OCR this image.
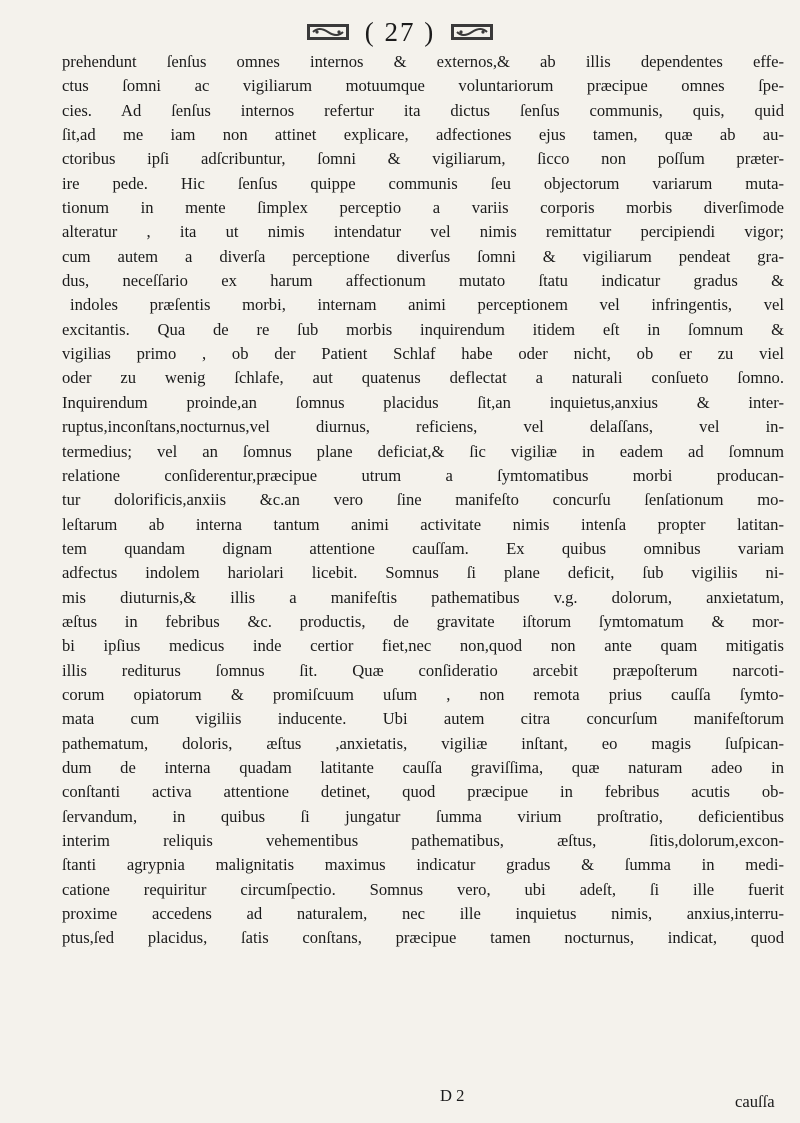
( 27 )
prehendunt ſenſus omnes internos & externos,& ab illis dependentes effe-
ctus ſomni ac vigiliarum motuumque voluntariorum præcipue omnes ſpe-
cies. Ad ſenſus internos refertur ita dictus ſenſus communis, quis, quid
ſit,ad me iam non attinet explicare, adfectiones ejus tamen, quæ ab au-
ctoribus ipſi adſcribuntur, ſomni & vigiliarum, ſicco non poſſum præter-
ire pede. Hic ſenſus quippe communis ſeu objectorum variarum muta-
tionum in mente ſimplex perceptio a variis corporis morbis diverſimode
alteratur , ita ut nimis intendatur vel nimis remittatur percipiendi vigor;
cum autem a diverſa perceptione diverſus ſomni & vigiliarum pendeat gra-
dus, neceſſario ex harum affectionum mutato ſtatu indicatur gradus &
indoles præſentis morbi, internam animi perceptionem vel infringentis, vel
excitantis. Qua de re ſub morbis inquirendum itidem eſt in ſomnum &
vigilias primo , ob der Patient Schlaf habe oder nicht, ob er zu viel
oder zu wenig ſchlafe, aut quatenus deflectat a naturali conſueto ſomno.
Inquirendum proinde,an ſomnus placidus ſit,an inquietus,anxius & inter-
ruptus,inconſtans,nocturnus,vel diurnus, reficiens, vel delaſſans, vel in-
termedius; vel an ſomnus plane deficiat,& ſic vigiliæ in eadem ad ſomnum
relatione conſiderentur,præcipue utrum a ſymtomatibus morbi producan-
tur dolorificis,anxiis &c.an vero ſine manifeſto concurſu ſenſationum mo-
leſtarum ab interna tantum animi activitate nimis intenſa propter latitan-
tem quandam dignam attentione cauſſam. Ex quibus omnibus variam
adfectus indolem hariolari licebit. Somnus ſi plane deficit, ſub vigiliis ni-
mis diuturnis,& illis a manifeſtis pathematibus v.g. dolorum, anxietatum,
æſtus in febribus &c. productis, de gravitate iſtorum ſymtomatum & mor-
bi ipſius medicus inde certior fiet,nec non,quod non ante quam mitigatis
illis rediturus ſomnus ſit. Quæ conſideratio arcebit præpoſterum narcoti-
corum opiatorum & promiſcuum uſum , non remota prius cauſſa ſymto-
mata cum vigiliis inducente. Ubi autem citra concurſum manifeſtorum
pathematum, doloris, æſtus ,anxietatis, vigiliæ inſtant, eo magis ſuſpican-
dum de interna quadam latitante cauſſa graviſſima, quæ naturam adeo in
conſtanti activa attentione detinet, quod præcipue in febribus acutis ob-
ſervandum, in quibus ſi jungatur ſumma virium proſtratio, deficientibus
interim reliquis vehementibus pathematibus, æſtus, ſitis,dolorum,excon-
ſtanti agrypnia malignitatis maximus indicatur gradus & ſumma in medi-
catione requiritur circumſpectio. Somnus vero, ubi adeſt, ſi ille fuerit
proxime accedens ad naturalem, nec ille inquietus nimis, anxius,interru-
ptus,ſed placidus, ſatis conſtans, præcipue tamen nocturnus, indicat, quod
D 2	cauſſa
